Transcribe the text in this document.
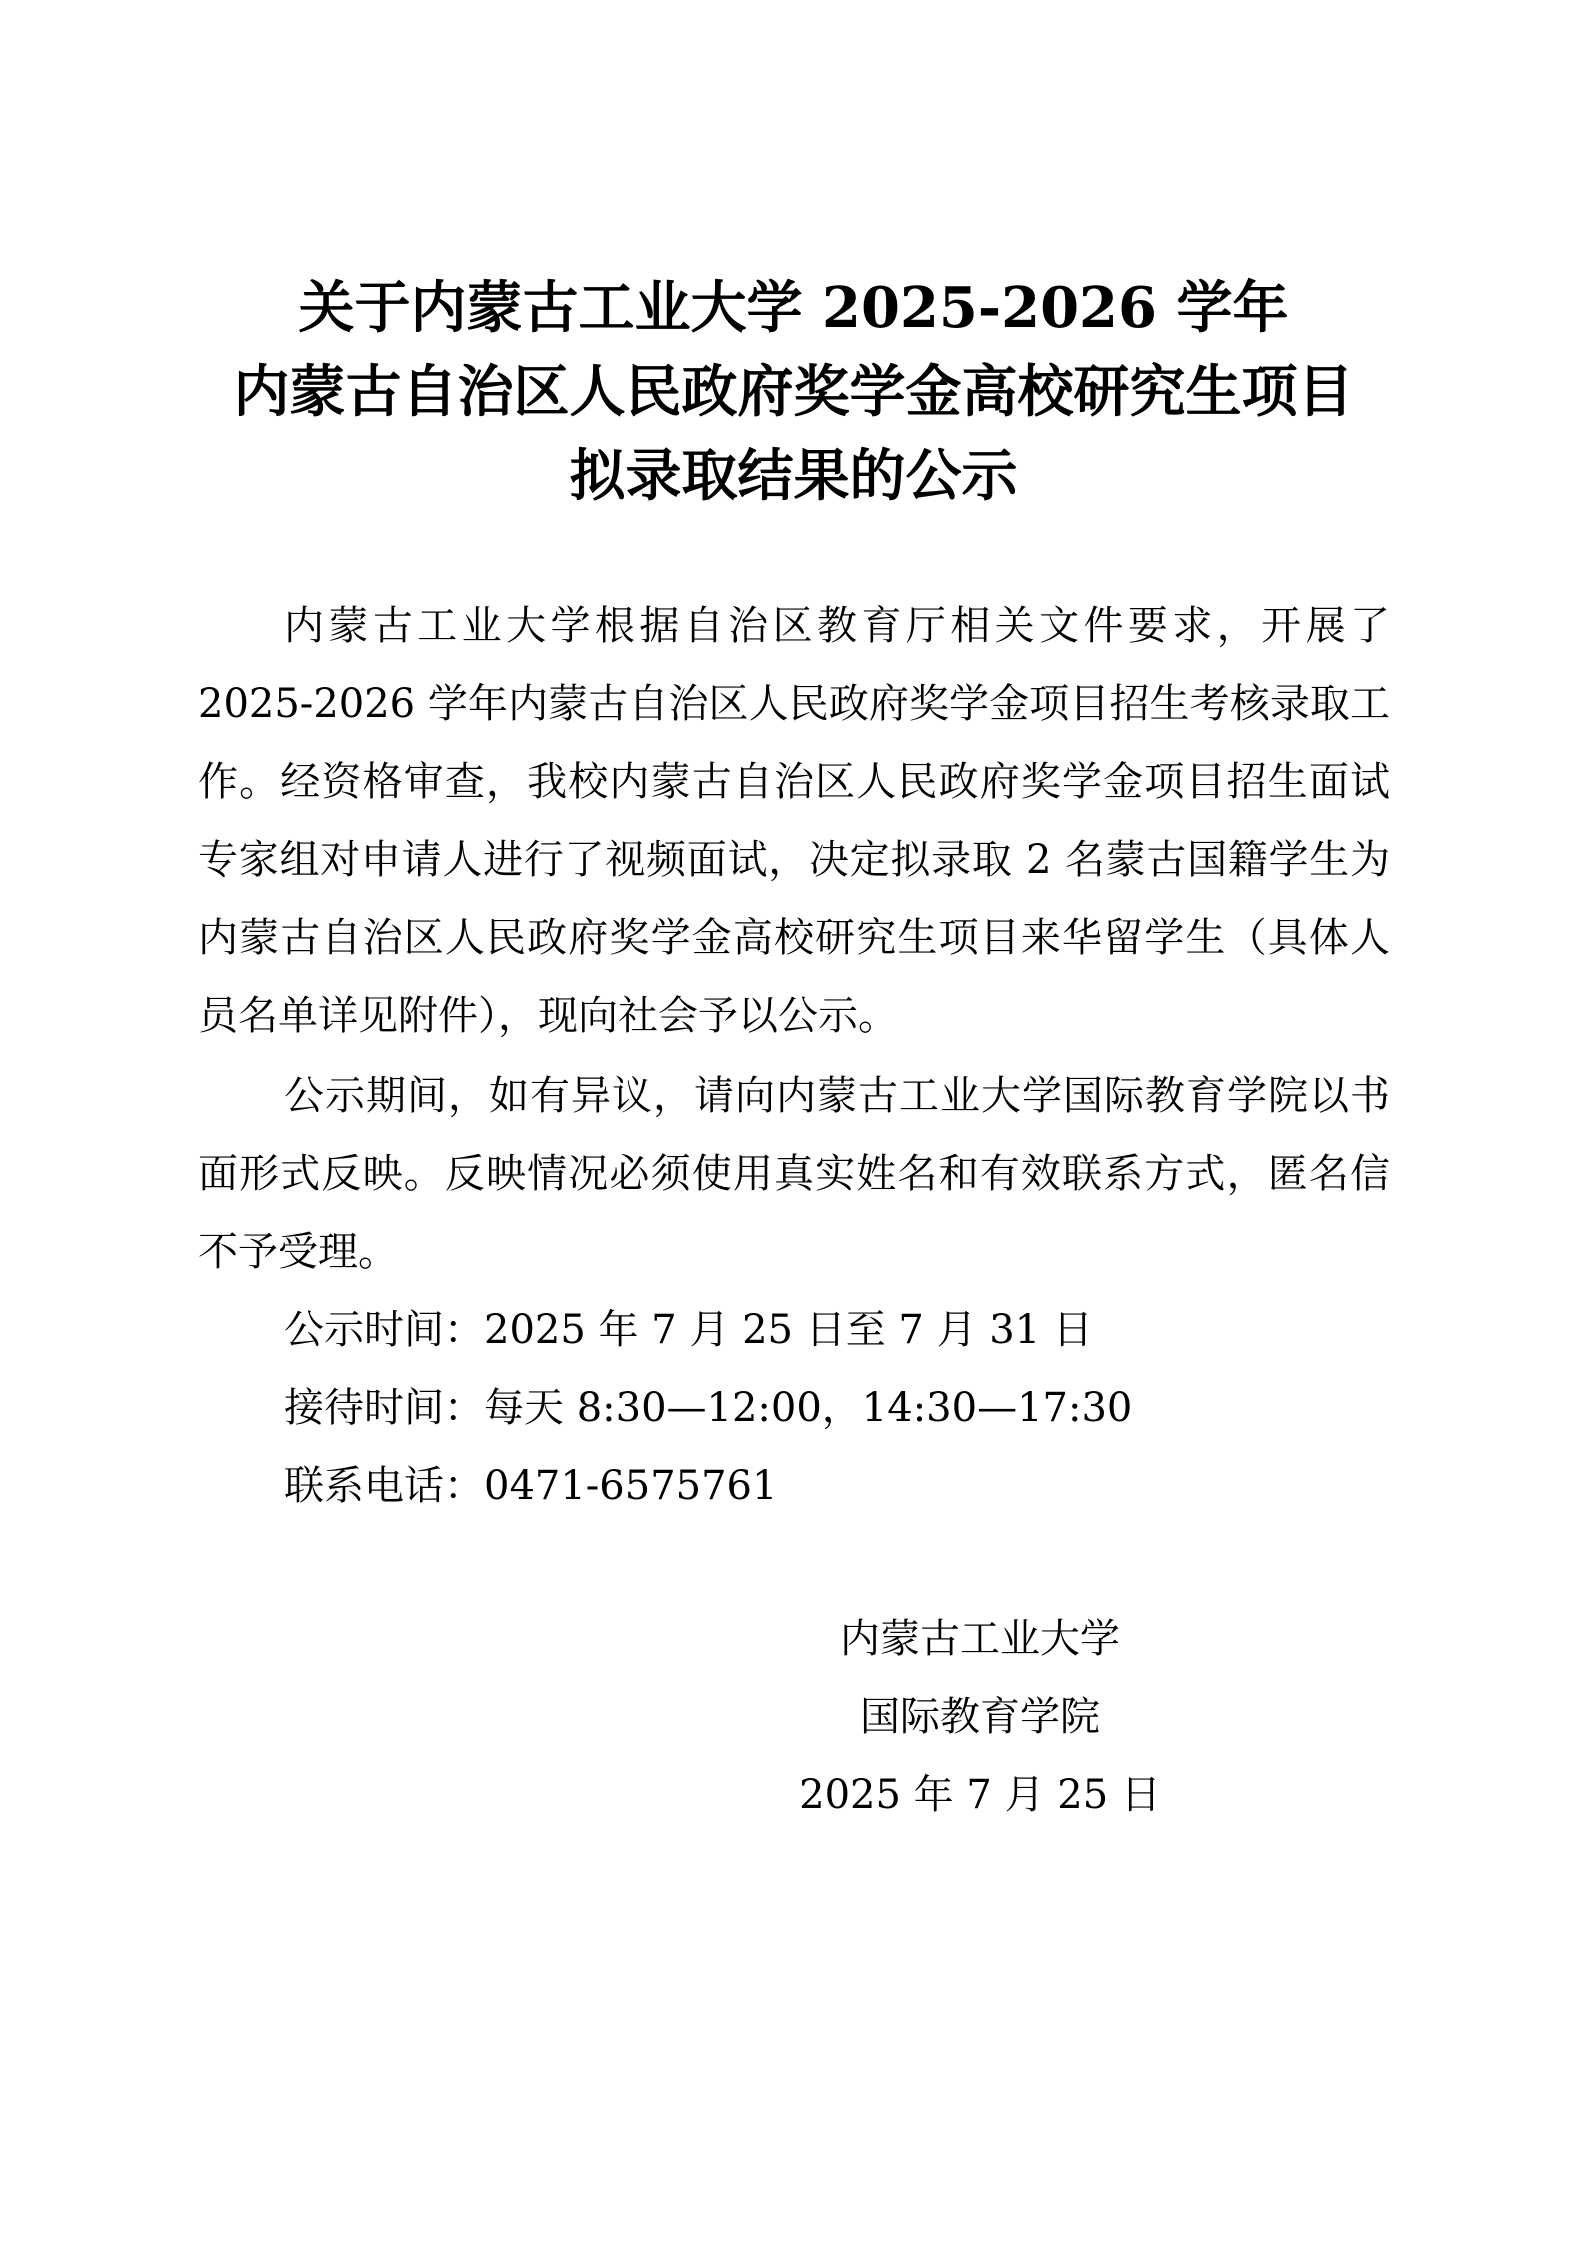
关于内蒙古工业大学 2025-2026 学年
内蒙古自治区人民政府奖学金高校研究生项目
拟录取结果的公示

内蒙古工业大学根据自治区教育厅相关文件要求，开展了2025-2026 学年内蒙古自治区人民政府奖学金项目招生考核录取工作。经资格审查，我校内蒙古自治区人民政府奖学金项目招生面试专家组对申请人进行了视频面试，决定拟录取 2 名蒙古国籍学生为内蒙古自治区人民政府奖学金高校研究生项目来华留学生（具体人员名单详见附件），现向社会予以公示。

公示期间，如有异议，请向内蒙古工业大学国际教育学院以书面形式反映。反映情况必须使用真实姓名和有效联系方式，匿名信不予受理。

公示时间：2025 年 7 月 25 日至 7 月 31 日

接待时间：每天 8:30—12:00，14:30—17:30

联系电话：0471-6575761

内蒙古工业大学

国际教育学院

2025 年 7 月 25 日
